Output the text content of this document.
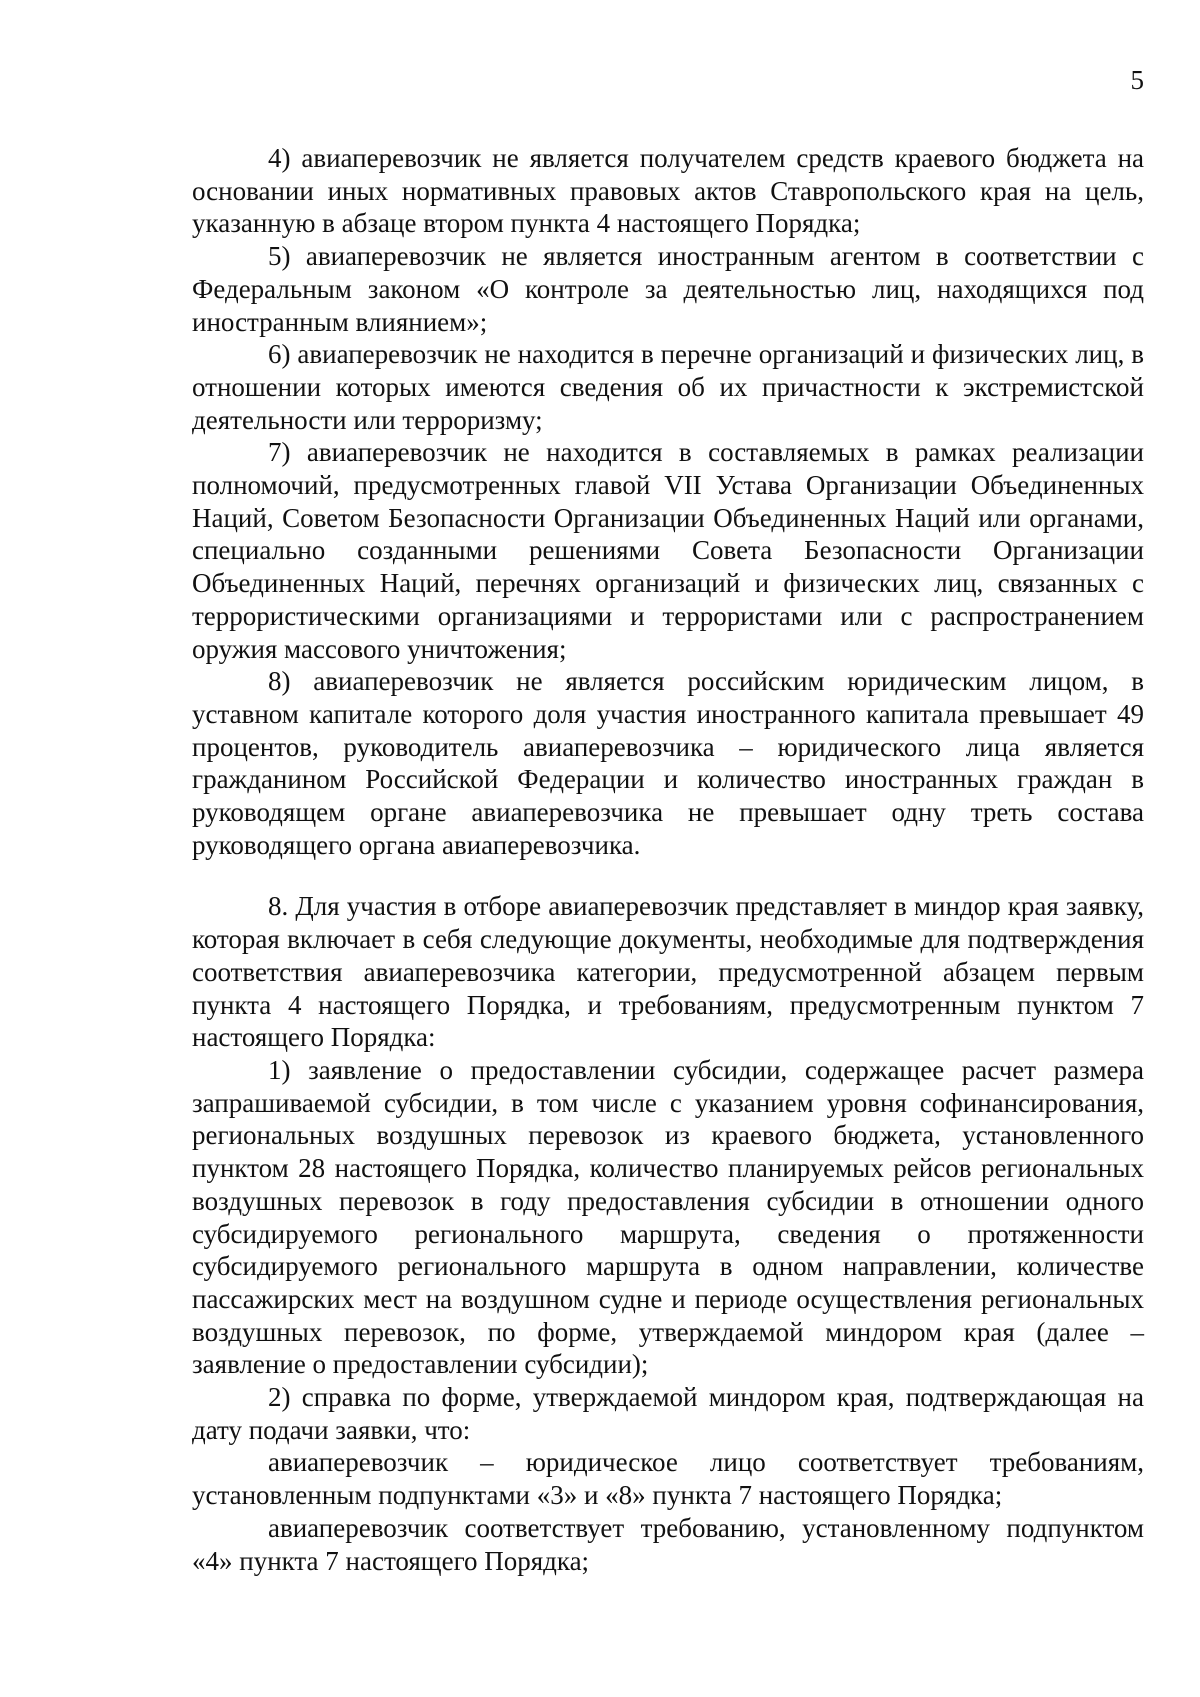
5

4) авиаперевозчик не является получателем средств краевого бюджета на основании иных нормативных правовых актов Ставропольского края на цель, указанную в абзаце втором пункта 4 настоящего Порядка;

5) авиаперевозчик не является иностранным агентом в соответствии с Федеральным законом «О контроле за деятельностью лиц, находящихся под иностранным влиянием»;

6) авиаперевозчик не находится в перечне организаций и физических лиц, в отношении которых имеются сведения об их причастности к экстремистской деятельности или терроризму;

7) авиаперевозчик не находится в составляемых в рамках реализации полномочий, предусмотренных главой VII Устава Организации Объединенных Наций, Советом Безопасности Организации Объединенных Наций или органами, специально созданными решениями Совета Безопасности Организации Объединенных Наций, перечнях организаций и физических лиц, связанных с террористическими организациями и террористами или с распространением оружия массового уничтожения;

8) авиаперевозчик не является российским юридическим лицом, в уставном капитале которого доля участия иностранного капитала превышает 49 процентов, руководитель авиаперевозчика – юридического лица является гражданином Российской Федерации и количество иностранных граждан в руководящем органе авиаперевозчика не превышает одну треть состава руководящего органа авиаперевозчика.

8. Для участия в отборе авиаперевозчик представляет в миндор края заявку, которая включает в себя следующие документы, необходимые для подтверждения соответствия авиаперевозчика категории, предусмотренной абзацем первым пункта 4 настоящего Порядка, и требованиям, предусмотренным пунктом 7 настоящего Порядка:

1) заявление о предоставлении субсидии, содержащее расчет размера запрашиваемой субсидии, в том числе с указанием уровня софинансирования, региональных воздушных перевозок из краевого бюджета, установленного пунктом 28 настоящего Порядка, количество планируемых рейсов региональных воздушных перевозок в году предоставления субсидии в отношении одного субсидируемого регионального маршрута, сведения о протяженности субсидируемого регионального маршрута в одном направлении, количестве пассажирских мест на воздушном судне и периоде осуществления региональных воздушных перевозок, по форме, утверждаемой миндором края (далее – заявление о предоставлении субсидии);

2) справка по форме, утверждаемой миндором края, подтверждающая на дату подачи заявки, что:

авиаперевозчик – юридическое лицо соответствует требованиям, установленным подпунктами «3» и «8» пункта 7 настоящего Порядка;

авиаперевозчик соответствует требованию, установленному подпунктом «4» пункта 7 настоящего Порядка;
